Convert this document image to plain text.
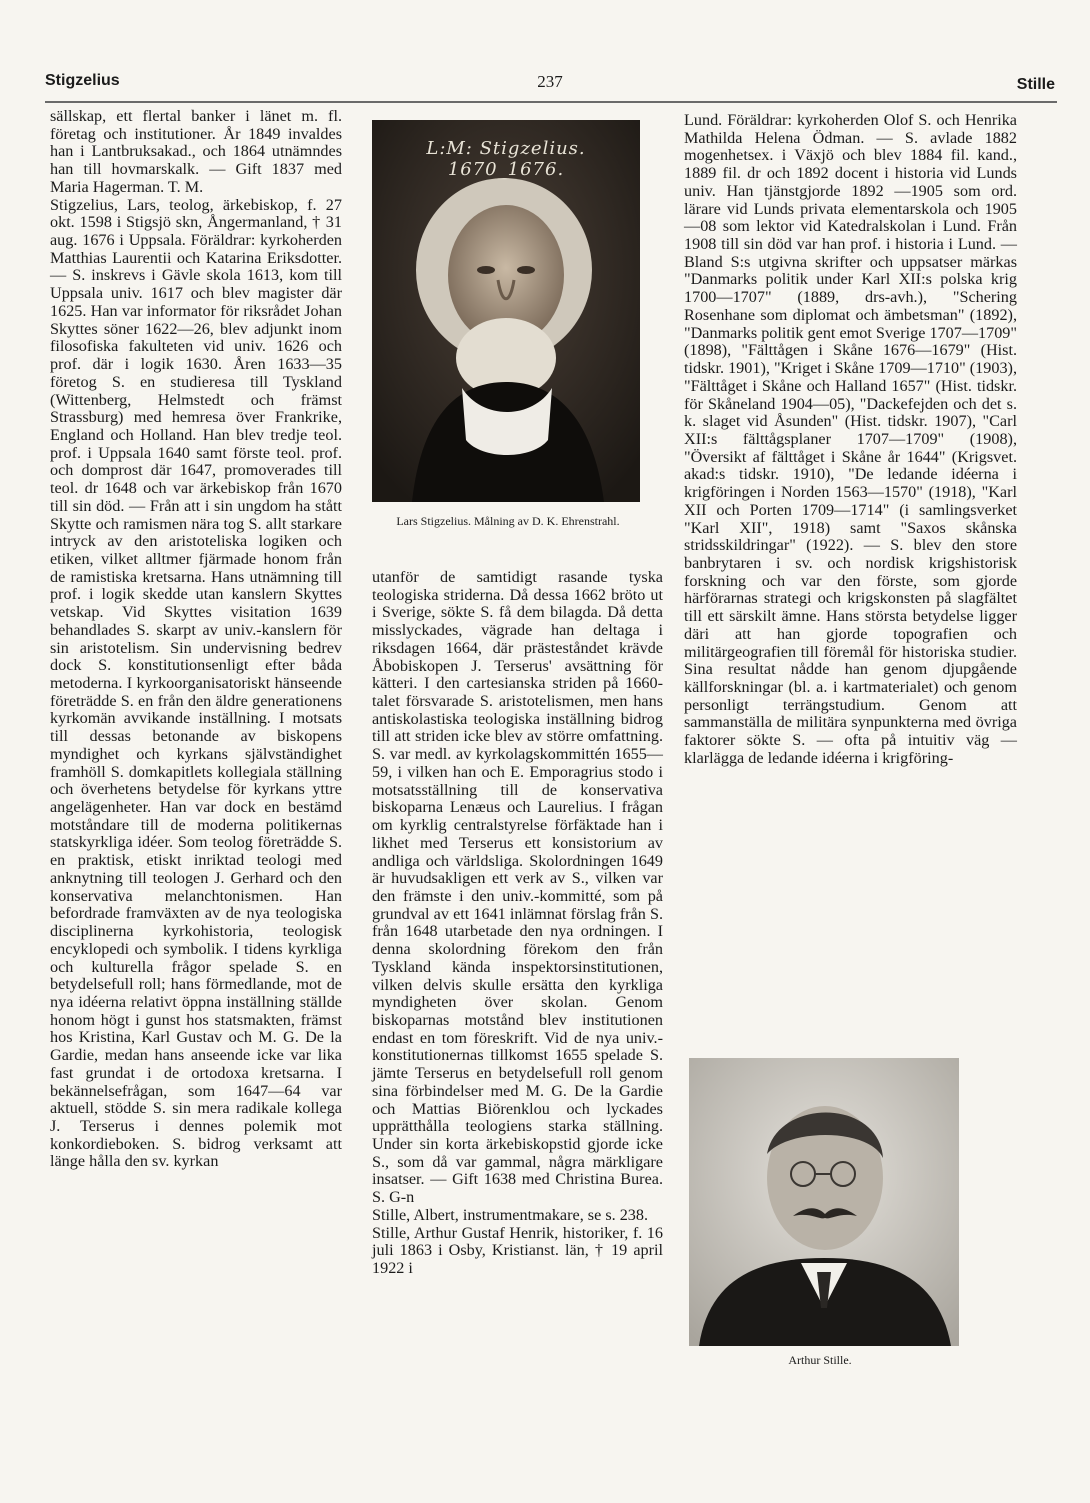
Stigzelius	237	Stille

sällskap, ett flertal banker i länet m. fl. företag och institutioner. År 1849 invaldes han i Lantbruksakad., och 1864 utnämndes han till hovmarskalk. — Gift 1837 med Maria Hagerman. T. M.
Stigzelius, Lars, teolog, ärkebiskop, f. 27 okt. 1598 i Stigsjö skn, Ångermanland, † 31 aug. 1676 i Uppsala. Föräldrar: kyrkoherden Matthias Laurentii och Katarina Eriksdotter. — S. inskrevs i Gävle skola 1613, kom till Uppsala univ. 1617 och blev magister där 1625. Han var informator för riksrådet Johan Skyttes söner 1622—26, blev adjunkt inom filosofiska fakulteten vid univ. 1626 och prof. där i logik 1630. Åren 1633—35 företog S. en studieresa till Tyskland (Wittenberg, Helmstedt och främst Strassburg) med hemresa över Frankrike, England och Holland. Han blev tredje teol. prof. i Uppsala 1640 samt förste teol. prof. och domprost där 1647, promoverades till teol. dr 1648 och var ärkebiskop från 1670 till sin död. — Från att i sin ungdom ha stått Skytte och ramismen nära tog S. allt starkare intryck av den aristoteliska logiken och etiken, vilket alltmer fjärmade honom från de ramistiska kretsarna. Hans utnämning till prof. i logik skedde utan kanslern Skyttes vetskap. Vid Skyttes visitation 1639 behandlades S. skarpt av univ.-kanslern för sin aristotelism. Sin undervisning bedrev dock S. konstitutionsenligt efter båda metoderna. I kyrkoorganisatoriskt hänseende företrädde S. en från den äldre generationens kyrkomän avvikande inställning. I motsats till dessas betonande av biskopens myndighet och kyrkans självständighet framhöll S. domkapitlets kollegiala ställning och överhetens betydelse för kyrkans yttre angelägenheter. Han var dock en bestämd motståndare till de moderna politikernas statskyrkliga idéer. Som teolog företrädde S. en praktisk, etiskt inriktad teologi med anknytning till teologen J. Gerhard och den konservativa melanchtonismen. Han befordrade framväxten av de nya teologiska disciplinerna kyrkohistoria, teologisk encyklopedi och symbolik. I tidens kyrkliga och kulturella frågor spelade S. en betydelsefull roll; hans förmedlande, mot de nya idéerna relativt öppna inställning ställde honom högt i gunst hos statsmakten, främst hos Kristina, Karl Gustav och M. G. De la Gardie, medan hans anseende icke var lika fast grundat i de ortodoxa kretsarna. I bekännelsefrågan, som 1647—64 var aktuell, stödde S. sin mera radikale kollega J. Terserus i dennes polemik mot konkordieboken. S. bidrog verksamt att länge hålla den sv. kyrkan

L:M: Stigzelius. 1670_1676.
Lars Stigzelius. Målning av D. K. Ehrenstrahl.

utanför de samtidigt rasande tyska teologiska striderna. Då dessa 1662 bröto ut i Sverige, sökte S. få dem bilagda. Då detta misslyckades, vägrade han deltaga i riksdagen 1664, där prästeståndet krävde Åbobiskopen J. Terserus' avsättning för kätteri. I den cartesianska striden på 1660-talet försvarade S. aristotelismen, men hans antiskolastiska teologiska inställning bidrog till att striden icke blev av större omfattning. S. var medl. av kyrkolagskommittén 1655—59, i vilken han och E. Emporagrius stodo i motsatsställning till de konservativa biskoparna Lenæus och Laurelius. I frågan om kyrklig centralstyrelse förfäktade han i likhet med Terserus ett konsistorium av andliga och världsliga. Skolordningen 1649 är huvudsakligen ett verk av S., vilken var den främste i den univ.-kommitté, som på grundval av ett 1641 inlämnat förslag från S. från 1648 utarbetade den nya ordningen. I denna skolordning förekom den från Tyskland kända inspektorsinstitutionen, vilken delvis skulle ersätta den kyrkliga myndigheten över skolan. Genom biskoparnas motstånd blev institutionen endast en tom föreskrift. Vid de nya univ.-konstitutionernas tillkomst 1655 spelade S. jämte Terserus en betydelsefull roll genom sina förbindelser med M. G. De la Gardie och Mattias Biörenklou och lyckades upprätthålla teologiens starka ställning. Under sin korta ärkebiskopstid gjorde icke S., som då var gammal, några märkligare insatser. — Gift 1638 med Christina Burea. S. G-n
Stille, Albert, instrumentmakare, se s. 238.
Stille, Arthur Gustaf Henrik, historiker, f. 16 juli 1863 i Osby, Kristianst. län, † 19 april 1922 i

Lund. Föräldrar: kyrkoherden Olof S. och Henrika Mathilda Helena Ödman. — S. avlade 1882 mogenhetsex. i Växjö och blev 1884 fil. kand., 1889 fil. dr och 1892 docent i historia vid Lunds univ. Han tjänstgjorde 1892 —1905 som ord. lärare vid Lunds privata elementarskola och 1905—08 som lektor vid Katedralskolan i Lund. Från 1908 till sin död var han prof. i historia i Lund. — Bland S:s utgivna skrifter och uppsatser märkas "Danmarks politik under Karl XII:s polska krig 1700—1707" (1889, drs-avh.), "Schering Rosenhane som diplomat och ämbetsman" (1892), "Danmarks politik gent emot Sverige 1707—1709" (1898), "Fälttågen i Skåne 1676—1679" (Hist. tidskr. 1901), "Kriget i Skåne 1709—1710" (1903), "Fälttåget i Skåne och Halland 1657" (Hist. tidskr. för Skåneland 1904—05), "Dackefejden och det s. k. slaget vid Åsunden" (Hist. tidskr. 1907), "Carl XII:s fälttågsplaner 1707—1709" (1908), "Översikt af fälttåget i Skåne år 1644" (Krigsvet. akad:s tidskr. 1910), "De ledande idéerna i krigföringen i Norden 1563—1570" (1918), "Karl XII och Porten 1709—1714" (i samlingsverket "Karl XII", 1918) samt "Saxos skånska stridsskildringar" (1922). — S. blev den store banbrytaren i sv. och nordisk krigshistorisk forskning och var den förste, som gjorde härförarnas strategi och krigskonsten på slagfältet till ett särskilt ämne. Hans största betydelse ligger däri att han gjorde topografien och militärgeografien till föremål för historiska studier. Sina resultat nådde han genom djupgående källforskningar (bl. a. i kartmaterialet) och genom personligt terrängstudium. Genom att sammanställa de militära synpunkterna med övriga faktorer sökte S. — ofta på intuitiv väg — klarlägga de ledande idéerna i krigföring-

Arthur Stille.
